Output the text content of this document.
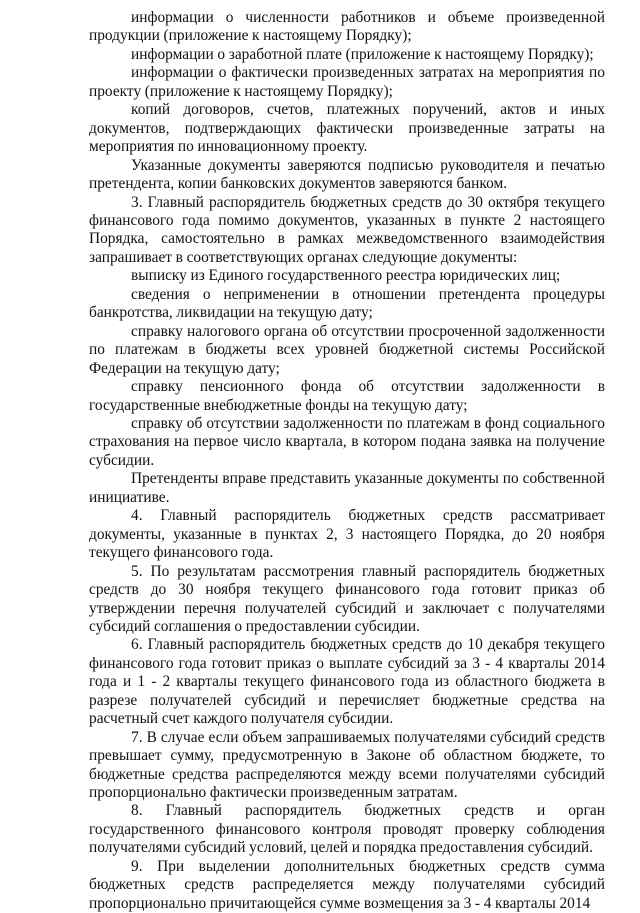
информации о численности работников и объеме произведенной продукции (приложение к настоящему Порядку);

информации о заработной плате (приложение к настоящему Порядку);

информации о фактически произведенных затратах на мероприятия по проекту (приложение к настоящему Порядку);

копий договоров, счетов, платежных поручений, актов и иных документов, подтверждающих фактически произведенные затраты на мероприятия по инновационному проекту.

Указанные документы заверяются подписью руководителя и печатью претендента, копии банковских документов заверяются банком.

3. Главный распорядитель бюджетных средств до 30 октября текущего финансового года помимо документов, указанных в пункте 2 настоящего Порядка, самостоятельно в рамках межведомственного взаимодействия запрашивает в соответствующих органах следующие документы:

выписку из Единого государственного реестра юридических лиц;

сведения о неприменении в отношении претендента процедуры банкротства, ликвидации на текущую дату;

справку налогового органа об отсутствии просроченной задолженности по платежам в бюджеты всех уровней бюджетной системы Российской Федерации на текущую дату;

справку пенсионного фонда об отсутствии задолженности в государственные внебюджетные фонды на текущую дату;

справку об отсутствии задолженности по платежам в фонд социального страхования на первое число квартала, в котором подана заявка на получение субсидии.

Претенденты вправе представить указанные документы по собственной инициативе.

4. Главный распорядитель бюджетных средств рассматривает документы, указанные в пунктах 2, 3 настоящего Порядка, до 20 ноября текущего финансового года.

5. По результатам рассмотрения главный распорядитель бюджетных средств до 30 ноября текущего финансового года готовит приказ об утверждении перечня получателей субсидий и заключает с получателями субсидий соглашения о предоставлении субсидии.

6. Главный распорядитель бюджетных средств до 10 декабря текущего финансового года готовит приказ о выплате субсидий за 3 - 4 кварталы 2014 года и 1 - 2 кварталы текущего финансового года из областного бюджета в разрезе получателей субсидий и перечисляет бюджетные средства на расчетный счет каждого получателя субсидии.

7. В случае если объем запрашиваемых получателями субсидий средств превышает сумму, предусмотренную в Законе об областном бюджете, то бюджетные средства распределяются между всеми получателями субсидий пропорционально фактически произведенным затратам.

8. Главный распорядитель бюджетных средств и орган государственного финансового контроля проводят проверку соблюдения получателями субсидий условий, целей и порядка предоставления субсидий.

9. При выделении дополнительных бюджетных средств сумма бюджетных средств распределяется между получателями субсидий пропорционально причитающейся сумме возмещения за 3 - 4 кварталы 2014
